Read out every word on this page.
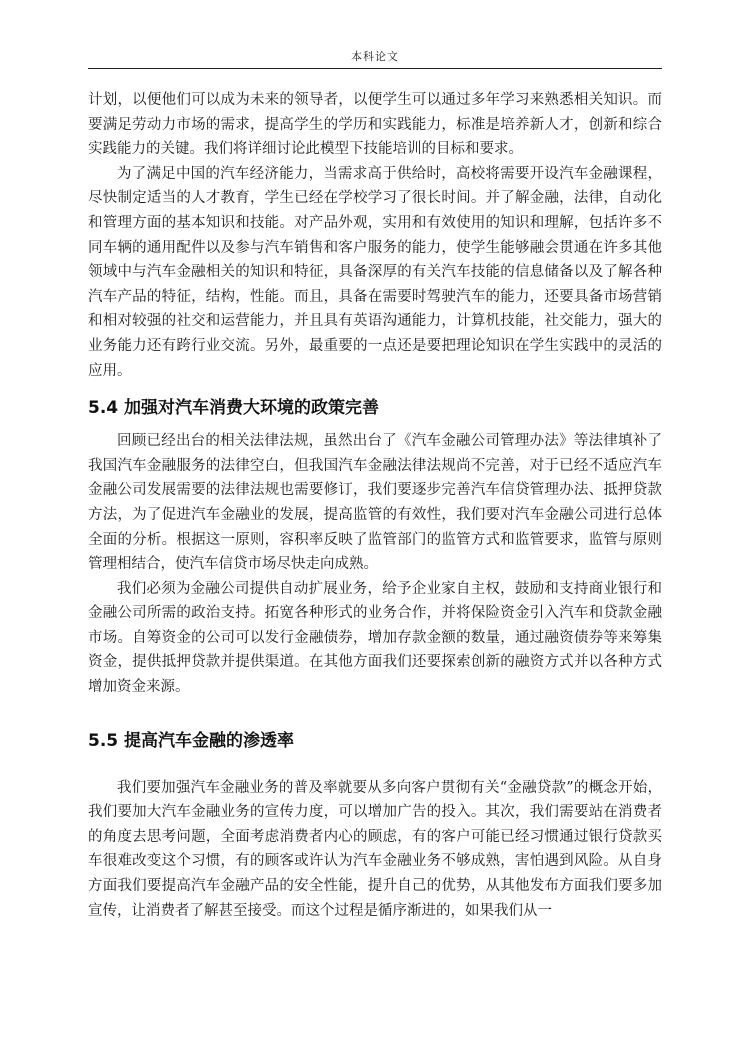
本科论文

计划，以便他们可以成为未来的领导者，以便学生可以通过多年学习来熟悉相关知识。而要满足劳动力市场的需求，提高学生的学历和实践能力，标准是培养新人才，创新和综合实践能力的关键。我们将详细讨论此模型下技能培训的目标和要求。

为了满足中国的汽车经济能力，当需求高于供给时，高校将需要开设汽车金融课程，尽快制定适当的人才教育，学生已经在学校学习了很长时间。并了解金融，法律，自动化和管理方面的基本知识和技能。对产品外观，实用和有效使用的知识和理解，包括许多不同车辆的通用配件以及参与汽车销售和客户服务的能力，使学生能够融会贯通在许多其他领域中与汽车金融相关的知识和特征，具备深厚的有关汽车技能的信息储备以及了解各种汽车产品的特征，结构，性能。而且，具备在需要时驾驶汽车的能力，还要具备市场营销和相对较强的社交和运营能力，并且具有英语沟通能力，计算机技能，社交能力，强大的业务能力还有跨行业交流。另外，最重要的一点还是要把理论知识在学生实践中的灵活的应用。

5.4 加强对汽车消费大环境的政策完善

回顾已经出台的相关法律法规，虽然出台了《汽车金融公司管理办法》等法律填补了我国汽车金融服务的法律空白，但我国汽车金融法律法规尚不完善，对于已经不适应汽车金融公司发展需要的法律法规也需要修订，我们要逐步完善汽车信贷管理办法、抵押贷款方法，为了促进汽车金融业的发展，提高监管的有效性，我们要对汽车金融公司进行总体全面的分析。根据这一原则，容积率反映了监管部门的监管方式和监管要求，监管与原则管理相结合，使汽车信贷市场尽快走向成熟。

我们必须为金融公司提供自动扩展业务，给予企业家自主权，鼓励和支持商业银行和金融公司所需的政治支持。拓宽各种形式的业务合作，并将保险资金引入汽车和贷款金融市场。自筹资金的公司可以发行金融债券，增加存款金额的数量，通过融资债券等来筹集资金，提供抵押贷款并提供渠道。在其他方面我们还要探索创新的融资方式并以各种方式增加资金来源。

5.5 提高汽车金融的渗透率

我们要加强汽车金融业务的普及率就要从多向客户贯彻有关“金融贷款”的概念开始，我们要加大汽车金融业务的宣传力度，可以增加广告的投入。其次，我们需要站在消费者的角度去思考问题，全面考虑消费者内心的顾虑，有的客户可能已经习惯通过银行贷款买车很难改变这个习惯，有的顾客或许认为汽车金融业务不够成熟，害怕遇到风险。从自身方面我们要提高汽车金融产品的安全性能，提升自己的优势，从其他发布方面我们要多加宣传，让消费者了解甚至接受。而这个过程是循序渐进的，如果我们从一
